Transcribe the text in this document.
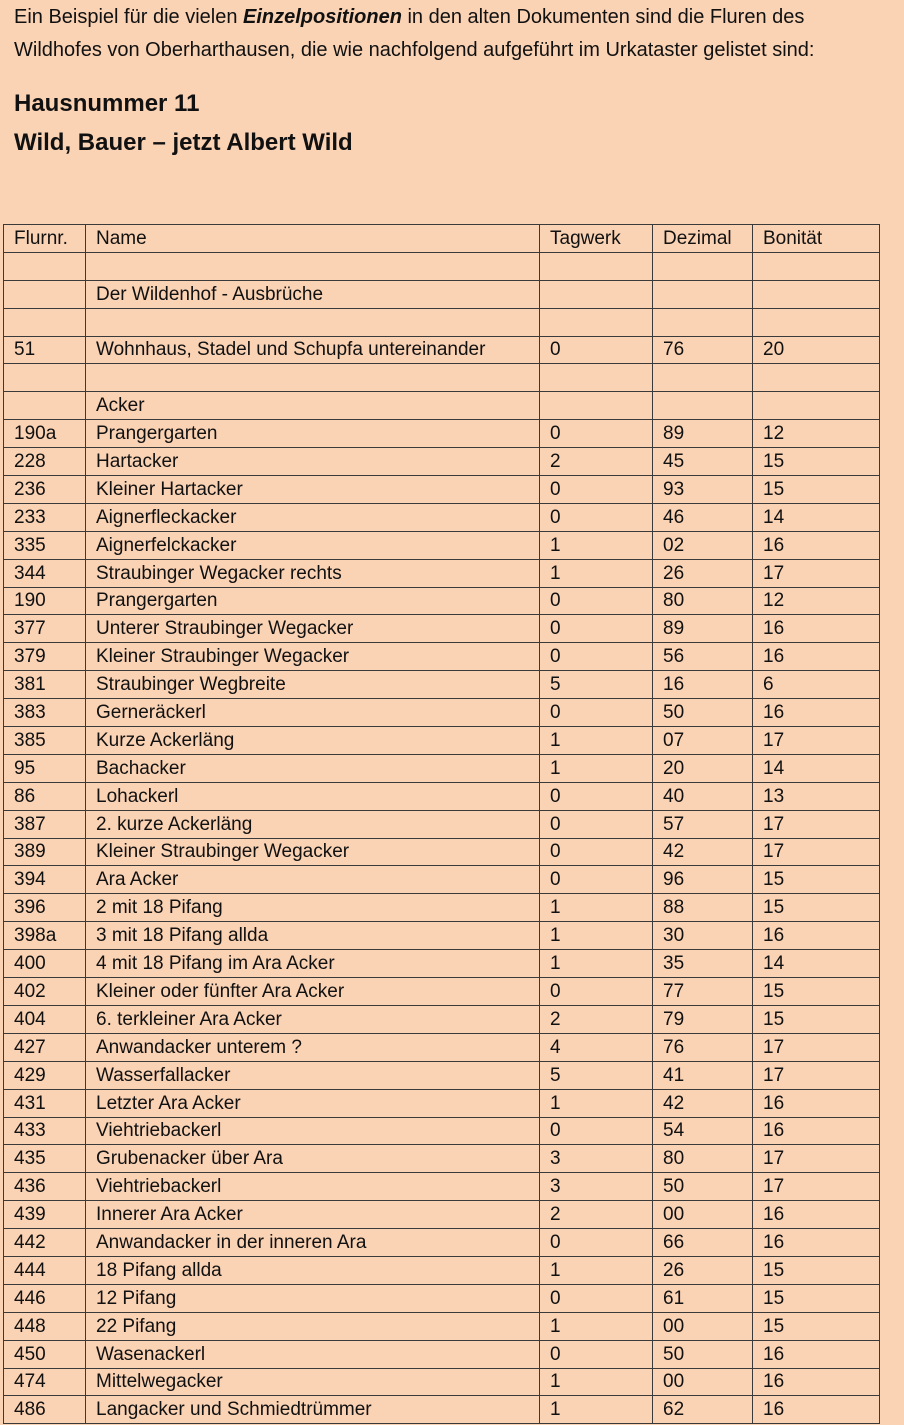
Ein Beispiel für die vielen Einzelpositionen in den alten Dokumenten sind die Fluren des
Wildhofes von Oberharthausen, die wie nachfolgend aufgeführt im Urkataster gelistet sind:

Hausnummer 11
Wild, Bauer – jetzt Albert Wild
Flurnr.	Name	Tagwerk	Dezimal	Bonität

	Der Wildenhof - Ausbrüche			

51	Wohnhaus, Stadel und Schupfa untereinander	0	76	20

	Acker			
190a	Prangergarten	0	89	12
228	Hartacker	2	45	15
236	Kleiner Hartacker	0	93	15
233	Aignerfleckacker	0	46	14
335	Aignerfelckacker	1	02	16
344	Straubinger Wegacker rechts	1	26	17
190	Prangergarten	0	80	12
377	Unterer Straubinger Wegacker	0	89	16
379	Kleiner Straubinger Wegacker	0	56	16
381	Straubinger Wegbreite	5	16	6
383	Gerneräckerl	0	50	16
385	Kurze Ackerläng	1	07	17
95	Bachacker	1	20	14
86	Lohackerl	0	40	13
387	2. kurze Ackerläng	0	57	17
389	Kleiner Straubinger Wegacker	0	42	17
394	Ara Acker	0	96	15
396	2 mit 18 Pifang	1	88	15
398a	3 mit 18 Pifang allda	1	30	16
400	4 mit 18 Pifang im Ara Acker	1	35	14
402	Kleiner oder fünfter Ara Acker	0	77	15
404	6. terkleiner Ara Acker	2	79	15
427	Anwandacker unterem ?	4	76	17
429	Wasserfallacker	5	41	17
431	Letzter Ara Acker	1	42	16
433	Viehtriebackerl	0	54	16
435	Grubenacker über Ara	3	80	17
436	Viehtriebackerl	3	50	17
439	Innerer Ara Acker	2	00	16
442	Anwandacker in der inneren Ara	0	66	16
444	18 Pifang allda	1	26	15
446	12 Pifang	0	61	15
448	22 Pifang	1	00	15
450	Wasenackerl	0	50	16
474	Mittelwegacker	1	00	16
486	Langacker und Schmiedtrümmer	1	62	16
